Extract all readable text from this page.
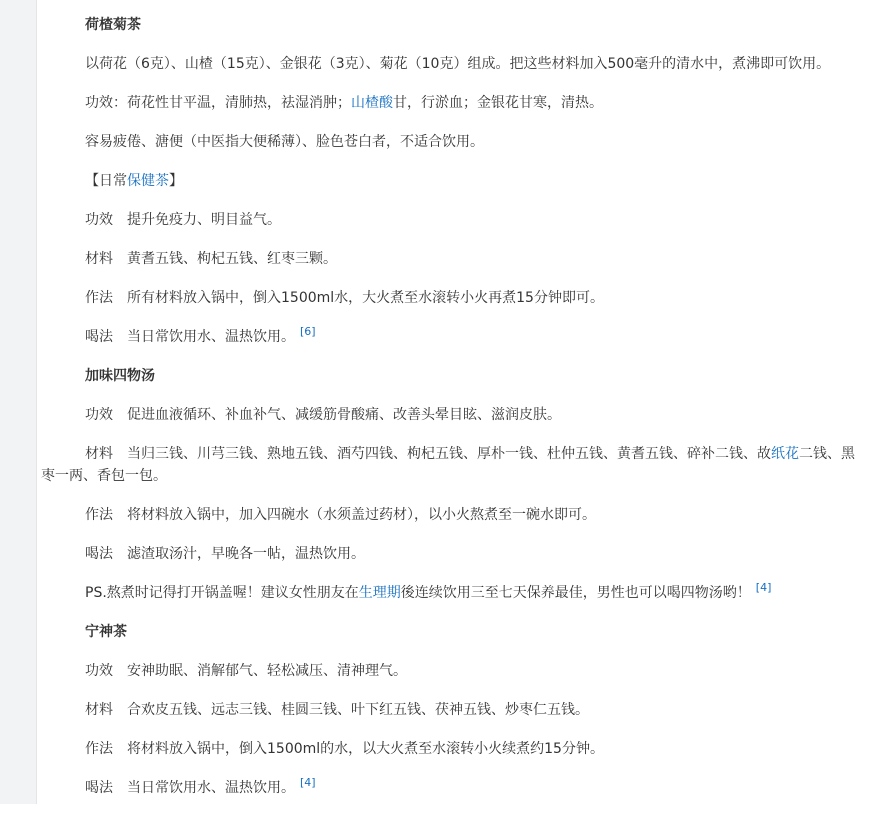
荷楂菊茶

以荷花（6克）、山楂（15克）、金银花（3克）、菊花（10克）组成。把这些材料加入500毫升的清水中，煮沸即可饮用。

功效：荷花性甘平温，清肺热，祛湿消肿；山楂酸甘，行淤血；金银花甘寒，清热。

容易疲倦、溏便（中医指大便稀薄）、脸色苍白者，不适合饮用。

【日常保健茶】

功效　提升免疫力、明目益气。

材料　黄耆五钱、枸杞五钱、红枣三颗。

作法　所有材料放入锅中，倒入1500ml水，大火煮至水滚转小火再煮15分钟即可。

喝法　当日常饮用水、温热饮用。 [6]

加味四物汤

功效　促进血液循环、补血补气、减缓筋骨酸痛、改善头晕目眩、滋润皮肤。

材料　当归三钱、川芎三钱、熟地五钱、酒芍四钱、枸杞五钱、厚朴一钱、杜仲五钱、黄耆五钱、碎补二钱、故纸花二钱、黑枣一两、香包一包。

作法　将材料放入锅中，加入四碗水（水须盖过药材），以小火熬煮至一碗水即可。

喝法　滤渣取汤汁，早晚各一帖，温热饮用。

PS.熬煮时记得打开锅盖喔！建议女性朋友在生理期後连续饮用三至七天保养最佳，男性也可以喝四物汤哟！ [4]

宁神茶

功效　安神助眠、消解郁气、轻松减压、清神理气。

材料　合欢皮五钱、远志三钱、桂圆三钱、叶下红五钱、茯神五钱、炒枣仁五钱。

作法　将材料放入锅中，倒入1500ml的水，以大火煮至水滚转小火续煮约15分钟。

喝法　当日常饮用水、温热饮用。 [4]
